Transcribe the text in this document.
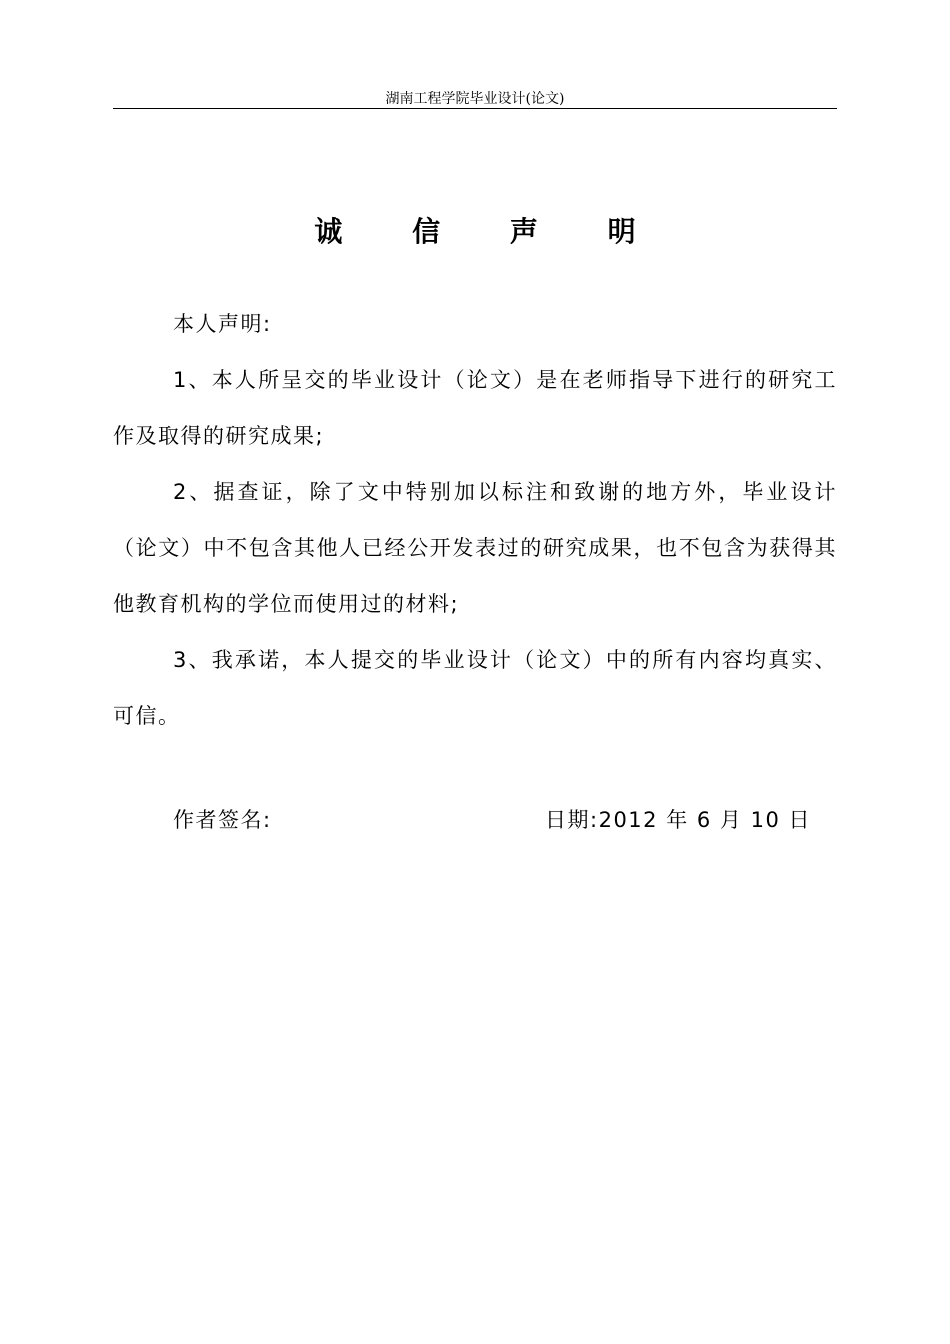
湖南工程学院毕业设计(论文)
诚 信 声 明

本人声明:

1、本人所呈交的毕业设计（论文）是在老师指导下进行的研究工作及取得的研究成果;

2、据查证，除了文中特别加以标注和致谢的地方外，毕业设计（论文）中不包含其他人已经公开发表过的研究成果，也不包含为获得其他教育机构的学位而使用过的材料;

3、我承诺，本人提交的毕业设计（论文）中的所有内容均真实、可信。

作者签名:	日期:2012 年 6 月 10 日
